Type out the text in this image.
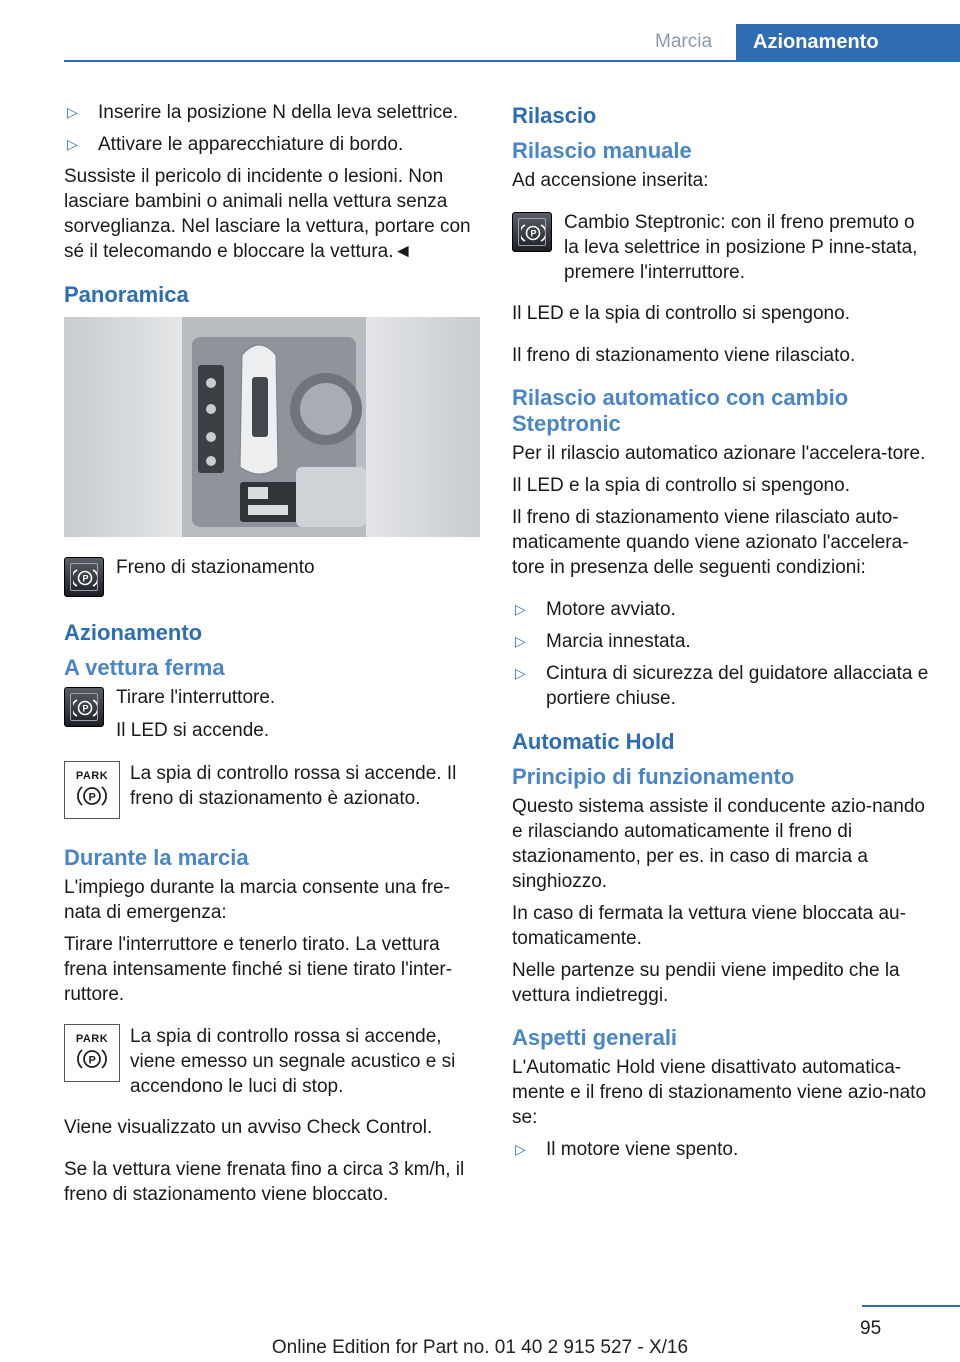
Marcia	Azionamento
▷	Inserire la posizione N della leva selettrice.
▷	Attivare le apparecchiature di bordo.
Sussiste il pericolo di incidente o lesioni. Non lasciare bambini o animali nella vettura senza sorveglianza. Nel lasciare la vettura, portare con sé il telecomando e bloccare la vettura.◄
Panoramica
P
Freno di stazionamento
Azionamento
A vettura ferma
P
Tirare l'interruttore.
Il LED si accende.
PARK
P
La spia di controllo rossa si accende. Il freno di stazionamento è azionato.
Durante la marcia
L'impiego durante la marcia consente una fre‐nata di emergenza:
Tirare l'interruttore e tenerlo tirato. La vettura frena intensamente finché si tiene tirato l'inter‐ruttore.
PARK
P
La spia di controllo rossa si accende, viene emesso un segnale acustico e si accendono le luci di stop.
Viene visualizzato un avviso Check Control.
Se la vettura viene frenata fino a circa 3 km/h, il freno di stazionamento viene bloccato.
Rilascio
Rilascio manuale
Ad accensione inserita:
P
Cambio Steptronic: con il freno premuto o la leva selettrice in posizione P inne‐stata, premere l'interruttore.
Il LED e la spia di controllo si spengono.
Il freno di stazionamento viene rilasciato.
Rilascio automatico con cambio Steptronic
Per il rilascio automatico azionare l'accelera‐tore.
Il LED e la spia di controllo si spengono.
Il freno di stazionamento viene rilasciato auto‐maticamente quando viene azionato l'accelera‐tore in presenza delle seguenti condizioni:
▷	Motore avviato.
▷	Marcia innestata.
▷	Cintura di sicurezza del guidatore allacciata e portiere chiuse.
Automatic Hold
Principio di funzionamento
Questo sistema assiste il conducente azio‐nando e rilasciando automaticamente il freno di stazionamento, per es. in caso di marcia a singhiozzo.
In caso di fermata la vettura viene bloccata au‐tomaticamente.
Nelle partenze su pendii viene impedito che la vettura indietreggi.
Aspetti generali
L'Automatic Hold viene disattivato automatica‐mente e il freno di stazionamento viene azio‐nato se:
▷	Il motore viene spento.
95
Online Edition for Part no. 01 40 2 915 527 - X/16
